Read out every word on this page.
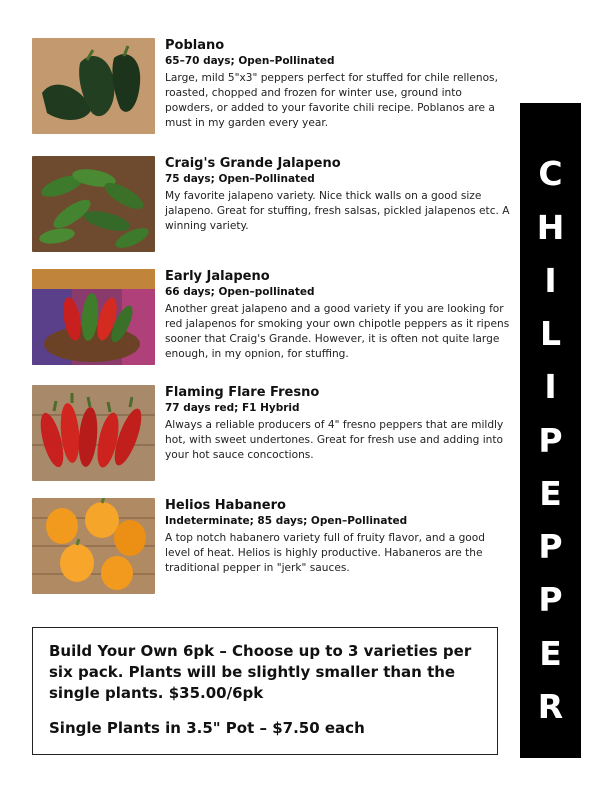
Poblano

65–70 days; Open–Pollinated

Large, mild 5"x3" peppers perfect for stuffed for chile rellenos, roasted, chopped and frozen for winter use, ground into powders, or added to your favorite chili recipe. Poblanos are a must in my garden every year.

Craig's Grande Jalapeno

75 days; Open–Pollinated

My favorite jalapeno variety. Nice thick walls on a good size jalapeno. Great for stuffing, fresh salsas, pickled jalapenos etc. A winning variety.

Early Jalapeno

66 days; Open–pollinated

Another great jalapeno and a good variety if you are looking for red jalapenos for smoking your own chipotle peppers as it ripens sooner that Craig's Grande. However, it is often not quite large enough, in my opnion, for stuffing.

Flaming Flare Fresno

77 days red; F1 Hybrid

Always a reliable producers of 4" fresno peppers that are mildly hot, with sweet undertones. Great for fresh use and adding into your hot sauce concoctions.

Helios Habanero

Indeterminate; 85 days; Open–Pollinated

A top notch habanero variety full of fruity flavor, and a good level of heat. Helios is highly productive. Habaneros are the traditional pepper in "jerk" sauces.

C
H
I
L
I
P
E
P
P
E
R

Build Your Own 6pk – Choose up to 3 varieties per six pack. Plants will be slightly smaller than the single plants. $35.00/6pk

Single Plants in 3.5" Pot – $7.50 each
